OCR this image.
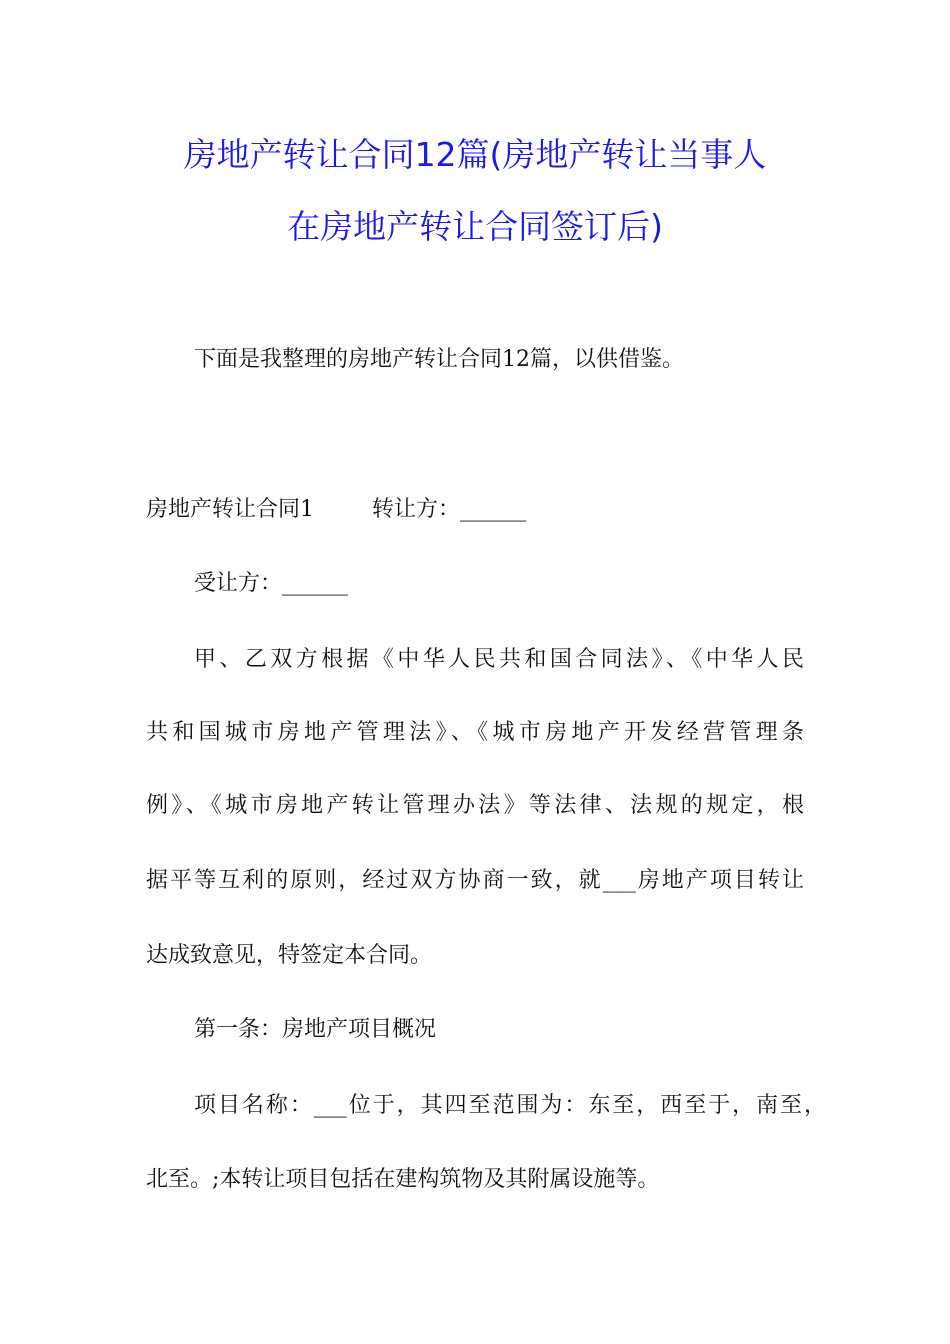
房地产转让合同12篇(房地产转让当事人
在房地产转让合同签订后)

下面是我整理的房地产转让合同12篇，以供借鉴。

房地产转让合同1	转让方：______

受让方：______

甲、乙双方根据《中华人民共和国合同法》、《中华人民

共和国城市房地产管理法》、《城市房地产开发经营管理条

例》、《城市房地产转让管理办法》等法律、法规的规定，根

据平等互利的原则，经过双方协商一致，就___房地产项目转让

达成致意见，特签定本合同。

第一条：房地产项目概况

项目名称：___位于，其四至范围为：东至，西至于，南至，

北至。;本转让项目包括在建构筑物及其附属设施等。
